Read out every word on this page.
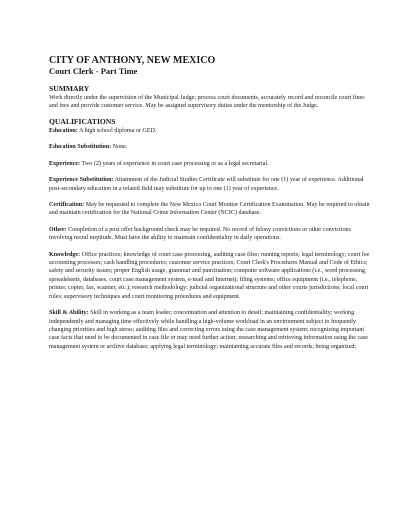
CITY OF ANTHONY, NEW MEXICO
Court Clerk - Part Time
SUMMARY

Work directly under the supervision of the Municipal Judge; process court documents, accurately record and reconcile court fines and fees and provide customer service. May be assigned supervisory duties under the mentorship of the Judge.

QUALIFICATIONS

Education: A high school diploma or GED.

Education Substitution: None.

Experience: Two (2) years of experience in court case processing or as a legal secretarial.

Experience Substitution: Attainment of the Judicial Studies Certificate will substitute for one (1) year of experience. Additional post-secondary education in a related field may substitute for up to one (1) year of experience.

Certification: May be requested to complete the New Mexico Court Monitor Certification Examination. May be required to obtain and maintain certification for the National Crime Information Center (NCIC) database.

Other: Completion of a post offer background check may be required. No record of felony convictions or other convictions involving moral turpitude. Must have the ability to maintain confidentiality in daily operations.

Knowledge: Office practices; knowledge of court case processing, auditing case files; running reports; legal terminology; court fee accounting processes; cash handling procedures; customer service practices; Court Clerk's Procedures Manual and Code of Ethics; safety and security issues; proper English usage, grammar and punctuation; computer software applications (i.e., word processing, spreadsheets, databases, court case management system, e-mail and Internet); filing systems; office equipment (i.e., telephone, printer, copier, fax, scanner, etc.); research methodology; judicial organizational structure and other courts jurisdictions; local court rules; supervisory techniques and court monitoring procedures and equipment.

Skill & Ability: Skill in working as a team leader; concentration and attention to detail; maintaining confidentiality; working independently and managing time effectively while handling a high-volume workload in an environment subject to frequently changing priorities and high stress; auditing files and correcting errors using the case management system; recognizing important case facts that need to be documented in case file or may need further action; researching and retrieving information using the case management system or archive database; applying legal terminology; maintaining accurate files and records; being organized;
